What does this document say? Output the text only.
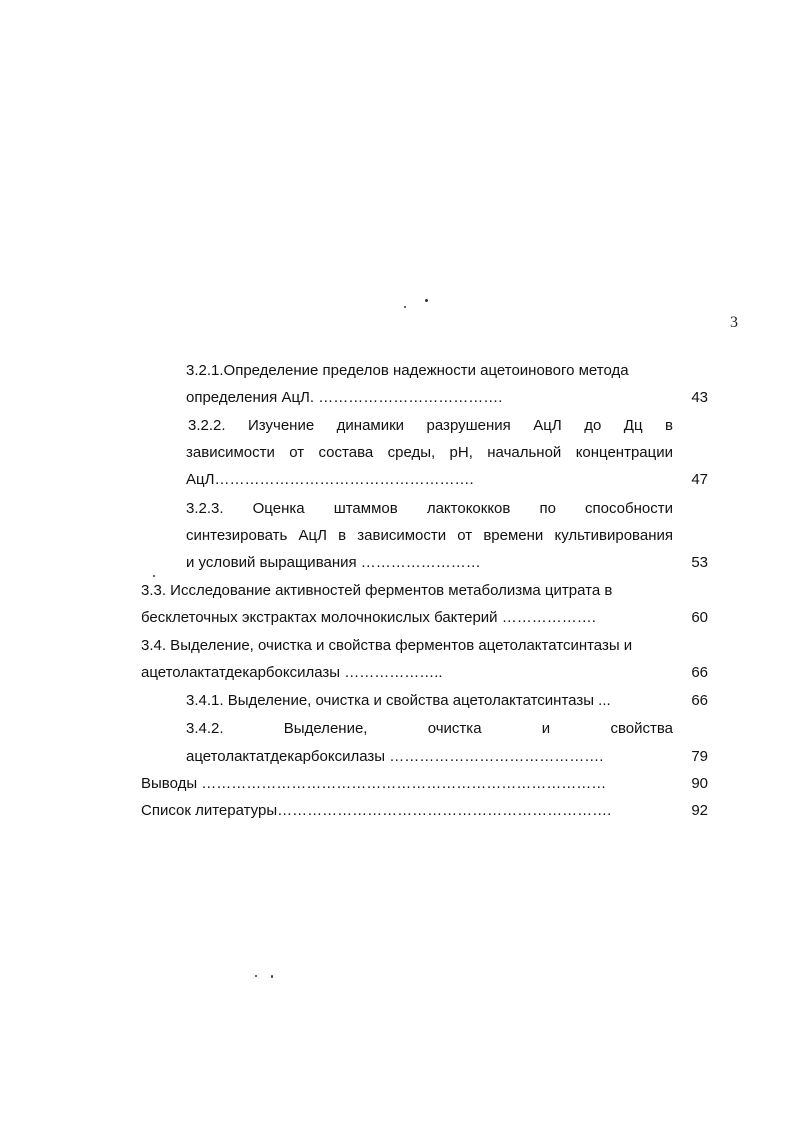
3
3.2.1.Определение пределов надежности ацетоинового метода
определения АцЛ. ……………………………….	43
3.2.2. Изучение динамики разрушения АцЛ до Дц в
зависимости от состава среды, рН, начальной концентрации
АцЛ…………………………………………….	47
3.2.3. Оценка штаммов лактококков по способности
синтезировать АцЛ в зависимости от времени культивирования
и условий выращивания ……………………	53
3.3. Исследование активностей ферментов метаболизма цитрата в
бесклеточных экстрактах молочнокислых бактерий ……………….	60
3.4. Выделение, очистка и свойства ферментов ацетолактатсинтазы и
ацетолактатдекарбоксилазы ………………..	66
3.4.1. Выделение, очистка и свойства ацетолактатсинтазы ...	66
3.4.2. Выделение, очистка и свойства
ацетолактатдекарбоксилазы …………………………………….	79
Выводы ………………………………………………………………………	90
Список литературы………………………………………………………….	92
